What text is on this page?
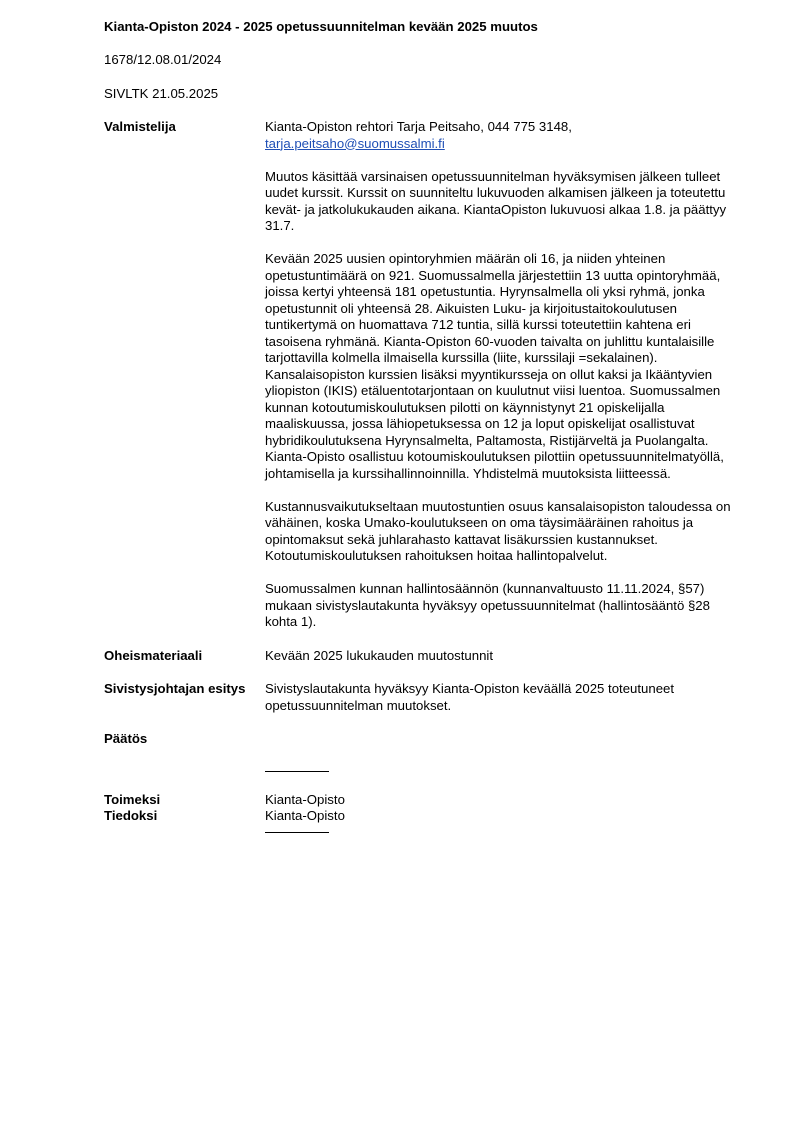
Kianta-Opiston 2024 - 2025 opetussuunnitelman kevään 2025 muutos

1678/12.08.01/2024

SIVLTK 21.05.2025

Valmistelija	Kianta-Opiston rehtori Tarja Peitsaho, 044 775 3148,

tarja.peitsaho@suomussalmi.fi

Muutos käsittää varsinaisen opetussuunnitelman hyväksymisen jälkeen tulleet uudet kurssit. Kurssit on suunniteltu lukuvuoden alkamisen jälkeen ja toteutettu kevät- ja jatkolukukauden aikana. KiantaOpiston lukuvuosi alkaa 1.8. ja päättyy 31.7.

Kevään 2025 uusien opintoryhmien määrän oli 16, ja niiden yhteinen opetustuntimäärä on 921. Suomussalmella järjestettiin 13 uutta opintoryhmää, joissa kertyi yhteensä 181 opetustuntia. Hyrynsalmella oli yksi ryhmä, jonka opetustunnit oli yhteensä 28. Aikuisten Luku- ja kirjoitustaitokoulutusen tuntikertymä on huomattava 712 tuntia, sillä kurssi toteutettiin kahtena eri tasoisena ryhmänä. Kianta-Opiston 60-vuoden taivalta on juhlittu kuntalaisille tarjottavilla kolmella ilmaisella kurssilla (liite, kurssilaji =sekalainen). Kansalaisopiston kurssien lisäksi myyntikursseja on ollut kaksi ja Ikääntyvien yliopiston (IKIS) etäluentotarjontaan on kuulutnut viisi luentoa. Suomussalmen kunnan kotoutumiskoulutuksen pilotti on käynnistynyt 21 opiskelijalla maaliskuussa, jossa lähiopetuksessa on 12 ja loput opiskelijat osallistuvat hybridikoulutuksena Hyrynsalmelta, Paltamosta, Ristijärveltä ja Puolangalta. Kianta-Opisto osallistuu kotoumiskoulutuksen pilottiin opetussuunnitelmatyöllä, johtamisella ja kurssihallinnoinnilla. Yhdistelmä muutoksista liitteessä.

Kustannusvaikutukseltaan muutostuntien osuus kansalaisopiston taloudessa on vähäinen, koska Umako-koulutukseen on oma täysimääräinen rahoitus ja opintomaksut sekä juhlarahasto kattavat lisäkurssien kustannukset. Kotoutumiskoulutuksen rahoituksen hoitaa hallintopalvelut.

Suomussalmen kunnan hallintosäännön (kunnanvaltuusto 11.11.2024, §57) mukaan sivistyslautakunta hyväksyy opetussuunnitelmat (hallintosääntö §28 kohta 1).

Oheismateriaali	Kevään 2025 lukukauden muutostunnit
Sivistysjohtajan esitys	Sivistyslautakunta hyväksyy Kianta-Opiston keväällä 2025 toteutuneet opetussuunnitelman muutokset.
Päätös
Toimeksi	Kianta-Opisto
Tiedoksi	Kianta-Opisto
